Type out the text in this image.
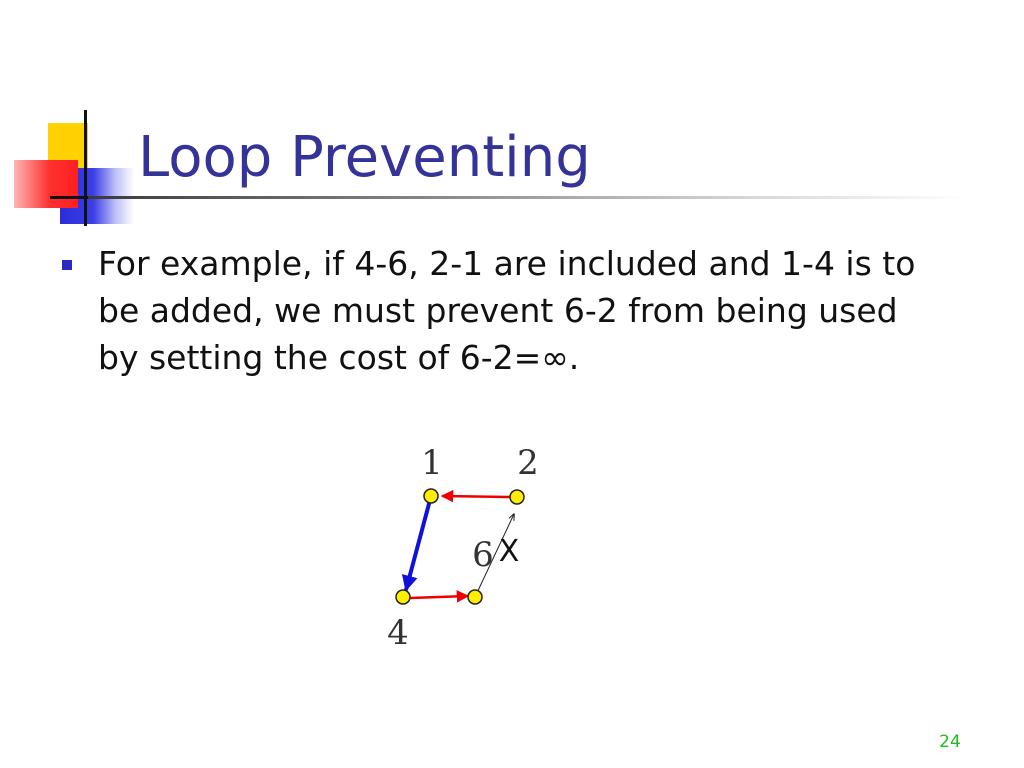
Loop Preventing
For example, if 4-6, 2-1 are included and 1-4 is to
be added, we must prevent 6-2 from being used
by setting the cost of 6-2=∞.
1 2
4
6 X
24
